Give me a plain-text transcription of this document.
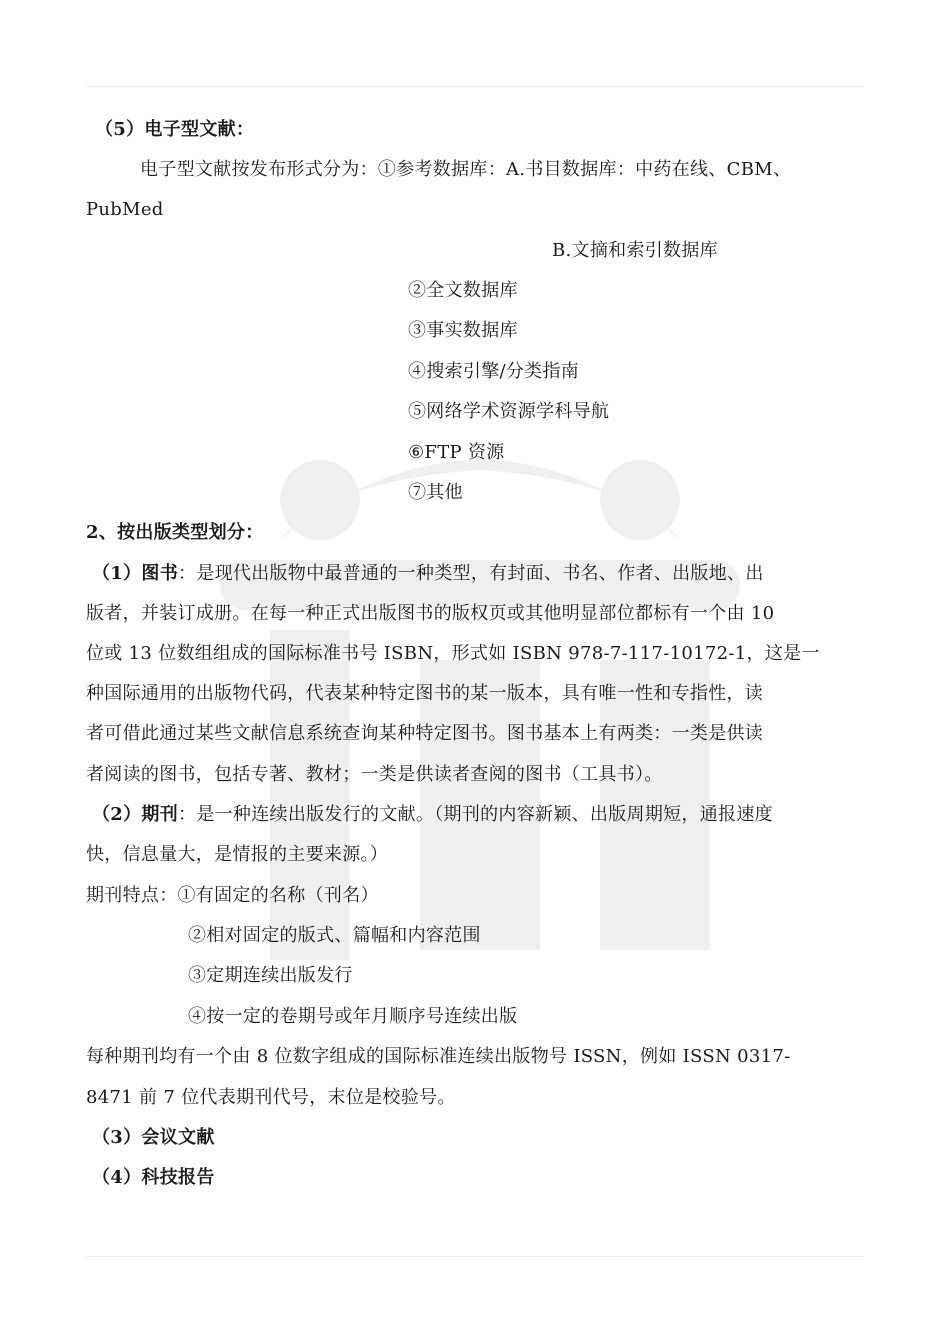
（5）电子型文献：
电子型文献按发布形式分为：①参考数据库：A.书目数据库：中药在线、CBM、
PubMed
B.文摘和索引数据库
②全文数据库
③事实数据库
④搜索引擎/分类指南
⑤网络学术资源学科导航
⑥FTP 资源
⑦其他
2、按出版类型划分：
（1）图书：是现代出版物中最普通的一种类型，有封面、书名、作者、出版地、出
版者，并装订成册。在每一种正式出版图书的版权页或其他明显部位都标有一个由 10
位或 13 位数组组成的国际标准书号 ISBN，形式如 ISBN 978-7-117-10172-1，这是一
种国际通用的出版物代码，代表某种特定图书的某一版本，具有唯一性和专指性，读
者可借此通过某些文献信息系统查询某种特定图书。图书基本上有两类：一类是供读
者阅读的图书，包括专著、教材；一类是供读者查阅的图书（工具书）。
（2）期刊：是一种连续出版发行的文献。（期刊的内容新颖、出版周期短，通报速度
快，信息量大，是情报的主要来源。）
期刊特点：①有固定的名称（刊名）
②相对固定的版式、篇幅和内容范围
③定期连续出版发行
④按一定的卷期号或年月顺序号连续出版
每种期刊均有一个由 8 位数字组成的国际标准连续出版物号 ISSN，例如 ISSN 0317-
8471 前 7 位代表期刊代号，末位是校验号。
（3）会议文献
（4）科技报告
